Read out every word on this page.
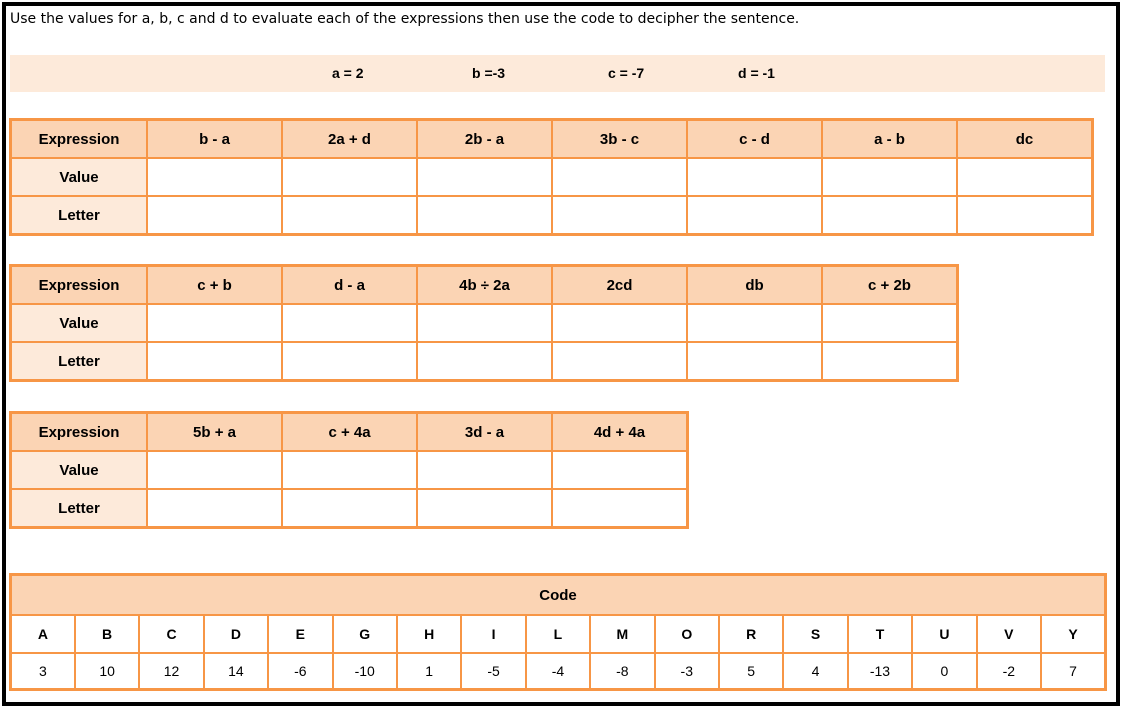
Use the values for a, b, c and d to evaluate each of the expressions then use the code to decipher the sentence.
a = 2	b =-3	c = -7	d = -1
Expression	b - a	2a + d	2b - a	3b - c	c - d	a - b	dc
Value							
Letter							
Expression	c + b	d - a	4b ÷ 2a	2cd	db	c + 2b
Value						
Letter						
Expression	5b + a	c + 4a	3d - a	4d + 4a
Value				
Letter				
Code																
A	B	C	D	E	G	H	I	L	M	O	R	S	T	U	V	Y
3	10	12	14	-6	-10	1	-5	-4	-8	-3	5	4	-13	0	-2	7
